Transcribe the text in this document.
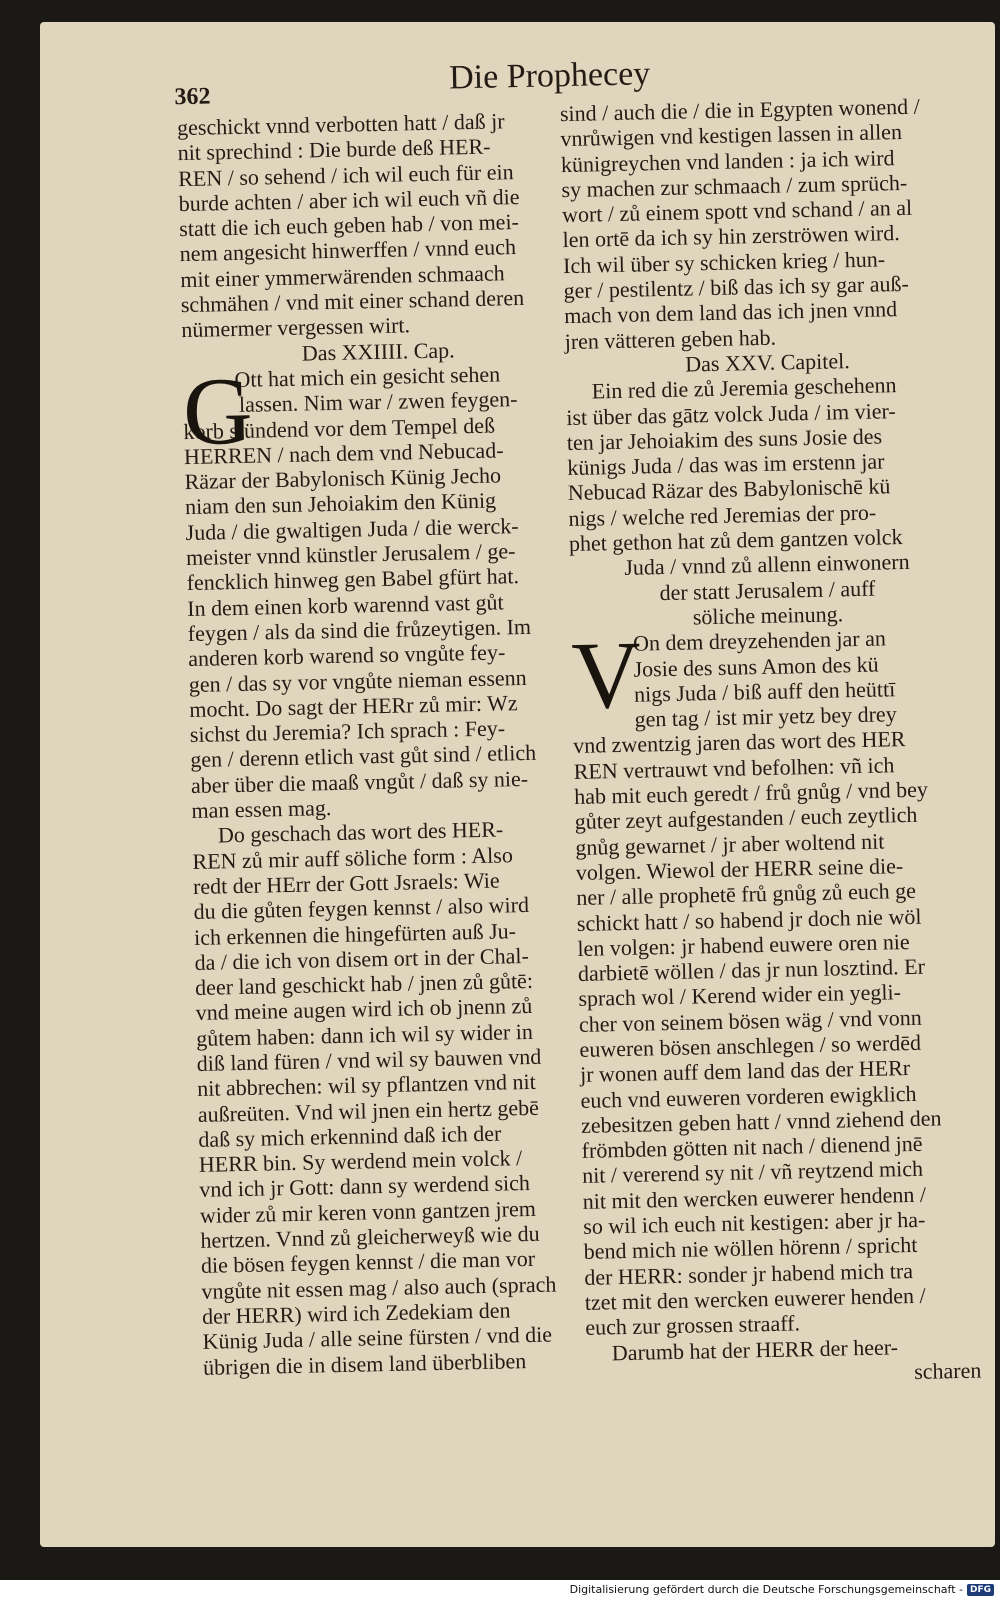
362
Die Prophecey
geschickt vnnd verbotten hatt / daß jr
nit sprechind : Die burde deß HER-
REN / so sehend / ich wil euch für ein
burde achten / aber ich wil euch vñ die
statt die ich euch geben hab / von mei-
nem angesicht hinwerffen / vnnd euch
mit einer ymmerwärenden schmaach
schmähen / vnd mit einer schand deren
nümermer vergessen wirt.
Das XXIIII. Cap.
G
Ott hat mich ein gesicht sehen
lassen. Nim war / zwen feygen-
korb stündend vor dem Tempel deß
HERREN / nach dem vnd Nebucad-
Räzar der Babylonisch Künig Jecho
niam den sun Jehoiakim den Künig
Juda / die gwaltigen Juda / die werck-
meister vnnd künstler Jerusalem / ge-
fencklich hinweg gen Babel gfürt hat.
In dem einen korb warennd vast gůt
feygen / als da sind die frůzeytigen. Im
anderen korb warend so vngůte fey-
gen / das sy vor vngůte nieman essenn
mocht. Do sagt der HERr zů mir: Wz
sichst du Jeremia? Ich sprach : Fey-
gen / derenn etlich vast gůt sind / etlich
aber über die maaß vngůt / daß sy nie-
man essen mag.
Do geschach das wort des HER-
REN zů mir auff söliche form : Also
redt der HErr der Gott Jsraels: Wie
du die gůten feygen kennst / also wird
ich erkennen die hingefürten auß Ju-
da / die ich von disem ort in der Chal-
deer land geschickt hab / jnen zů gůtē:
vnd meine augen wird ich ob jnenn zů
gůtem haben: dann ich wil sy wider in
diß land füren / vnd wil sy bauwen vnd
nit abbrechen: wil sy pflantzen vnd nit
außreüten. Vnd wil jnen ein hertz gebē
daß sy mich erkennind daß ich der
HERR bin. Sy werdend mein volck /
vnd ich jr Gott: dann sy werdend sich
wider zů mir keren vonn gantzen jrem
hertzen. Vnnd zů gleicherweyß wie du
die bösen feygen kennst / die man vor
vngůte nit essen mag / also auch (sprach
der HERR) wird ich Zedekiam den
Künig Juda / alle seine fürsten / vnd die
übrigen die in disem land überbliben
sind / auch die / die in Egypten wonend /
vnrůwigen vnd kestigen lassen in allen
künigreychen vnd landen : ja ich wird
sy machen zur schmaach / zum sprüch-
wort / zů einem spott vnd schand / an al
len ortē da ich sy hin zerströwen wird.
Ich wil über sy schicken krieg / hun-
ger / pestilentz / biß das ich sy gar auß-
mach von dem land das ich jnen vnnd
jren vätteren geben hab.
Das XXV. Capitel.
Ein red die zů Jeremia geschehenn
ist über das gātz volck Juda / im vier-
ten jar Jehoiakim des suns Josie des
künigs Juda / das was im erstenn jar
Nebucad Räzar des Babylonischē kü
nigs / welche red Jeremias der pro-
phet gethon hat zů dem gantzen volck
Juda / vnnd zů allenn einwonern
der statt Jerusalem / auff
söliche meinung.
V
On dem dreyzehenden jar an
Josie des suns Amon des kü
nigs Juda / biß auff den heüttī
gen tag / ist mir yetz bey drey
vnd zwentzig jaren das wort des HER
REN vertrauwt vnd befolhen: vñ ich
hab mit euch geredt / frů gnůg / vnd bey
gůter zeyt aufgestanden / euch zeytlich
gnůg gewarnet / jr aber woltend nit
volgen. Wiewol der HERR seine die-
ner / alle prophetē frů gnůg zů euch ge
schickt hatt / so habend jr doch nie wöl
len volgen: jr habend euwere oren nie
darbietē wöllen / das jr nun losztind. Er
sprach wol / Kerend wider ein yegli-
cher von seinem bösen wäg / vnd vonn
euweren bösen anschlegen / so werdēd
jr wonen auff dem land das der HERr
euch vnd euweren vorderen ewigklich
zebesitzen geben hatt / vnnd ziehend den
frömbden götten nit nach / dienend jnē
nit / vererend sy nit / vñ reytzend mich
nit mit den wercken euwerer hendenn /
so wil ich euch nit kestigen: aber jr ha-
bend mich nie wöllen hörenn / spricht
der HERR: sonder jr habend mich tra
tzet mit den wercken euwerer henden /
euch zur grossen straaff.
Darumb hat der HERR der heer-
scharen
Digitalisierung gefördert durch die Deutsche Forschungsgemeinschaft - DFG
